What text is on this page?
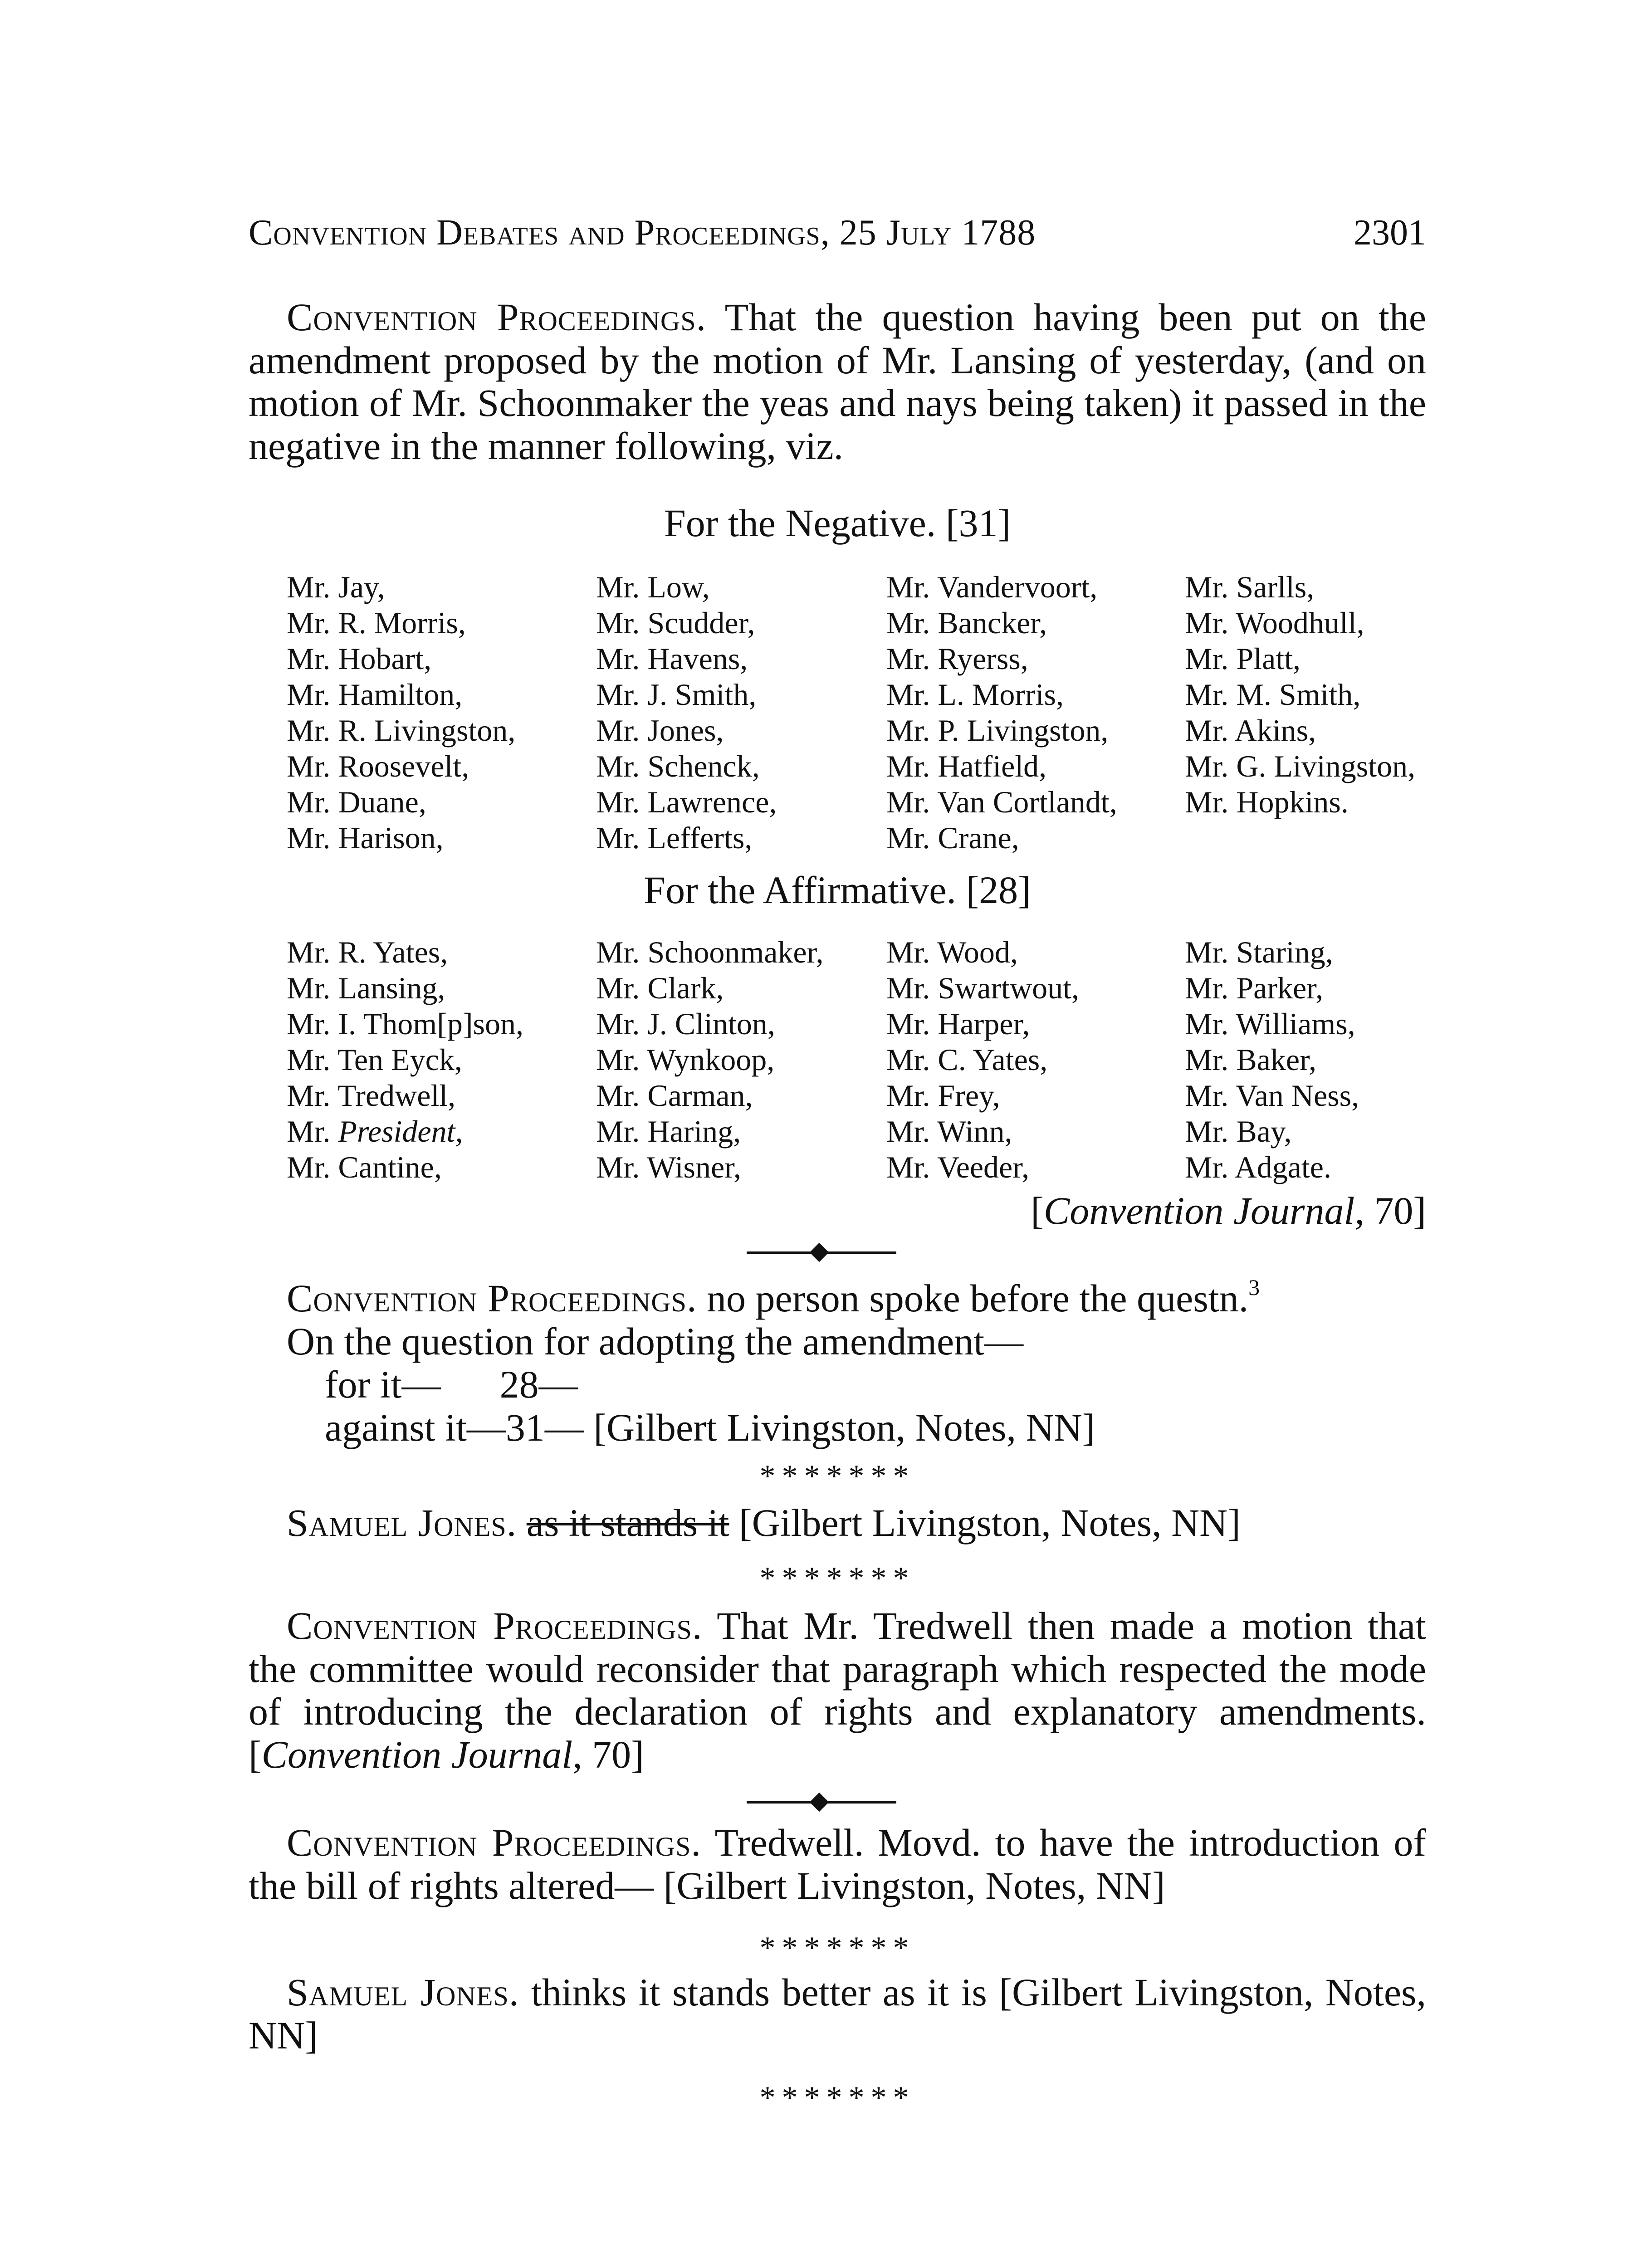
Convention Debates and Proceedings, 25 July 1788	2301

Convention Proceedings. That the question having been put on the amendment proposed by the motion of Mr. Lansing of yesterday, (and on motion of Mr. Schoonmaker the yeas and nays being taken) it passed in the negative in the manner following, viz.

For the Negative. [31]
Mr. Jay,
Mr. R. Morris,
Mr. Hobart,
Mr. Hamilton,
Mr. R. Livingston,
Mr. Roosevelt,
Mr. Duane,
Mr. Harison,
Mr. Low,
Mr. Scudder,
Mr. Havens,
Mr. J. Smith,
Mr. Jones,
Mr. Schenck,
Mr. Lawrence,
Mr. Lefferts,
Mr. Vandervoort,
Mr. Bancker,
Mr. Ryerss,
Mr. L. Morris,
Mr. P. Livingston,
Mr. Hatfield,
Mr. Van Cortlandt,
Mr. Crane,
Mr. Sarlls,
Mr. Woodhull,
Mr. Platt,
Mr. M. Smith,
Mr. Akins,
Mr. G. Livingston,
Mr. Hopkins.
For the Affirmative. [28]
Mr. R. Yates,
Mr. Lansing,
Mr. I. Thom[p]son,
Mr. Ten Eyck,
Mr. Tredwell,
Mr. President,
Mr. Cantine,
Mr. Schoonmaker,
Mr. Clark,
Mr. J. Clinton,
Mr. Wynkoop,
Mr. Carman,
Mr. Haring,
Mr. Wisner,
Mr. Wood,
Mr. Swartwout,
Mr. Harper,
Mr. C. Yates,
Mr. Frey,
Mr. Winn,
Mr. Veeder,
Mr. Staring,
Mr. Parker,
Mr. Williams,
Mr. Baker,
Mr. Van Ness,
Mr. Bay,
Mr. Adgate.
[Convention Journal, 70]
Convention Proceedings. no person spoke before the questn.$^3$
On the question for adopting the amendment—
for it— 28—
against it—31— [Gilbert Livingston, Notes, NN]
*******
Samuel Jones. as it stands it [Gilbert Livingston, Notes, NN]
*******

Convention Proceedings. That Mr. Tredwell then made a motion that the committee would reconsider that paragraph which respected the mode of introducing the declaration of rights and explanatory amendments. [Convention Journal, 70]

Convention Proceedings. Tredwell. Movd. to have the introduction of the bill of rights altered— [Gilbert Livingston, Notes, NN]

*******

Samuel Jones. thinks it stands better as it is [Gilbert Livingston, Notes, NN]

*******
